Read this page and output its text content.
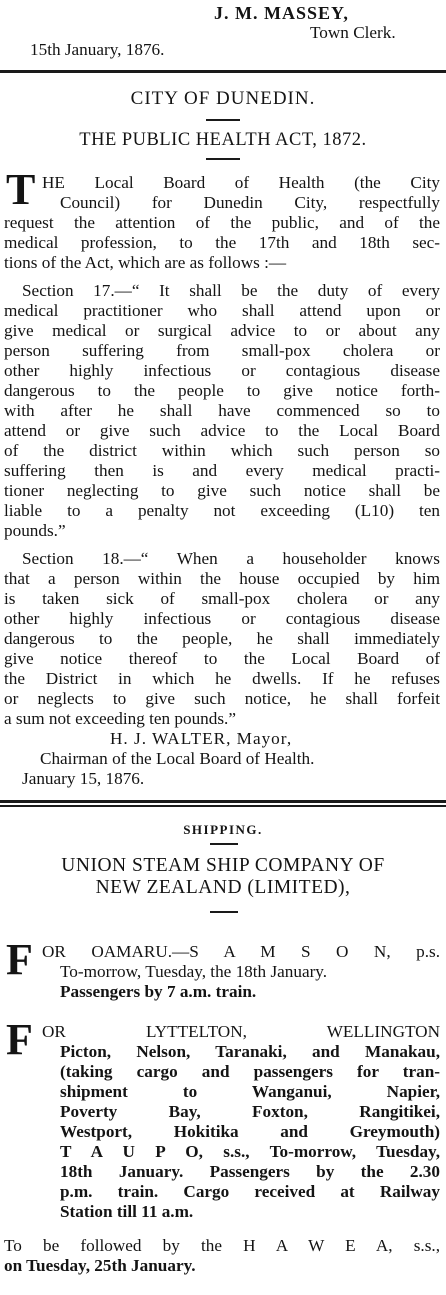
J. M. MASSEY,
Town Clerk.
15th January, 1876.
CITY OF DUNEDIN.
THE PUBLIC HEALTH ACT, 1872.
T HE Local Board of Health (the City
Council) for Dunedin City, respectfully
request the attention of the public, and of the
medical profession, to the 17th and 18th sec-
tions of the Act, which are as follows :—
Section 17.—“ It shall be the duty of every
medical practitioner who shall attend upon or
give medical or surgical advice to or about any
person suffering from small-pox cholera or
other highly infectious or contagious disease
dangerous to the people to give notice forth-
with after he shall have commenced so to
attend or give such advice to the Local Board
of the district within which such person so
suffering then is and every medical practi-
tioner neglecting to give such notice shall be
liable to a penalty not exceeding (L10) ten
pounds.”
Section 18.—“ When a householder knows
that a person within the house occupied by him
is taken sick of small-pox cholera or any
other highly infectious or contagious disease
dangerous to the people, he shall immediately
give notice thereof to the Local Board of
the District in which he dwells. If he refuses
or neglects to give such notice, he shall forfeit
a sum not exceeding ten pounds.”
H. J. WALTER, Mayor,
Chairman of the Local Board of Health.
January 15, 1876.
SHIPPING.
UNION STEAM SHIP COMPANY OF
NEW ZEALAND (LIMITED),
F OR OAMARU.—S A M S O N, p.s.
To-morrow, Tuesday, the 18th January.
Passengers by 7 a.m. train.
F OR LYTTELTON, WELLINGTON
Picton, Nelson, Taranaki, and Manakau,
(taking cargo and passengers for tran-
shipment to Wanganui, Napier,
Poverty Bay, Foxton, Rangitikei,
Westport, Hokitika and Greymouth)
T A U P O, s.s., To-morrow, Tuesday,
18th January. Passengers by the 2.30
p.m. train. Cargo received at Railway
Station till 11 a.m.
To be followed by the H A W E A, s.s.,
on Tuesday, 25th January.
